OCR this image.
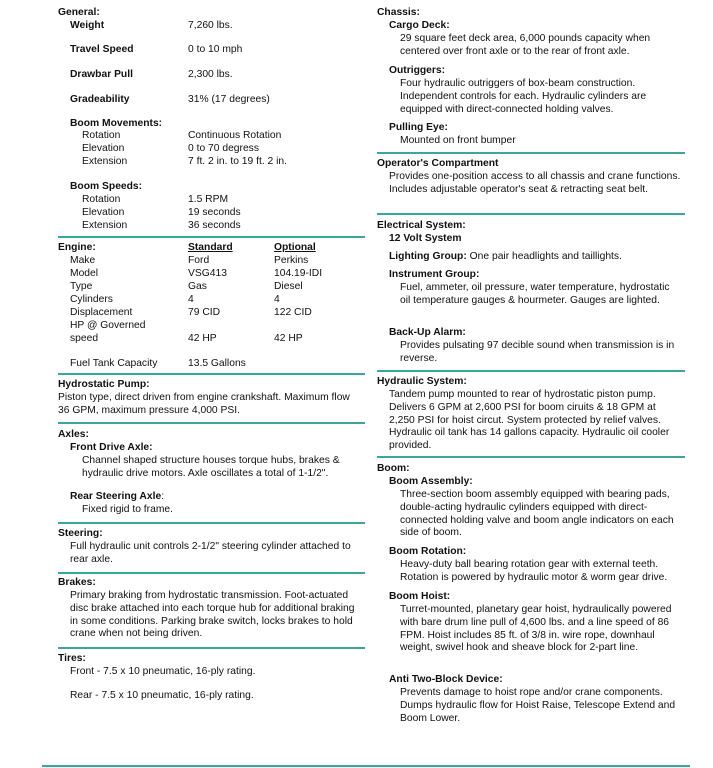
General:
Weight	7,260 lbs.
Travel Speed	0 to 10 mph
Drawbar Pull	2,300 lbs.
Gradeability	31% (17 degrees)
Boom Movements:
Rotation	Continuous Rotation
Elevation	0 to 70 degress
Extension	7 ft. 2 in. to 19 ft. 2 in.
Boom Speeds:
Rotation	1.5 RPM
Elevation	19 seconds
Extension	36 seconds
Engine:	Standard	Optional
Make	Ford	Perkins
Model	VSG413	104.19-IDI
Type	Gas	Diesel
Cylinders	4	4
Displacement	79 CID	122 CID
HP @ Governed
speed	42 HP	42 HP
Fuel Tank Capacity	13.5 Gallons
Hydrostatic Pump:
Piston type, direct driven from engine crankshaft. Maximum flow 36 GPM, maximum pressure 4,000 PSI.
Axles:
Front Drive Axle:
Channel shaped structure houses torque hubs, brakes & hydraulic drive motors. Axle oscillates a total of 1-1/2".
Rear Steering Axle:
Fixed rigid to frame.
Steering:
Full hydraulic unit controls 2-1/2" steering cylinder attached to rear axle.
Brakes:
Primary braking from hydrostatic transmission. Foot-actuated disc brake attached into each torque hub for additional braking in some conditions. Parking brake switch, locks brakes to hold crane when not being driven.
Tires:
Front - 7.5 x 10 pneumatic, 16-ply rating.
Rear - 7.5 x 10 pneumatic, 16-ply rating.
Chassis:
Cargo Deck:
29 square feet deck area, 6,000 pounds capacity when centered over front axle or to the rear of front axle.
Outriggers:
Four hydraulic outriggers of box-beam construction. Independent controls for each. Hydraulic cylinders are equipped with direct-connected holding valves.
Pulling Eye:
Mounted on front bumper
Operator's Compartment
Provides one-position access to all chassis and crane functions. Includes adjustable operator's seat & retracting seat belt.
Electrical System:
12 Volt System
Lighting Group: One pair headlights and taillights.
Instrument Group:
Fuel, ammeter, oil pressure, water temperature, hydrostatic oil temperature gauges & hourmeter. Gauges are lighted.
Back-Up Alarm:
Provides pulsating 97 decible sound when transmission is in reverse.
Hydraulic System:
Tandem pump mounted to rear of hydrostatic piston pump. Delivers 6 GPM at 2,600 PSI for boom ciruits & 18 GPM at 2,250 PSI for hoist circut. System protected by relief valves. Hydraulic oil tank has 14 gallons capacity. Hydraulic oil cooler provided.
Boom:
Boom Assembly:
Three-section boom assembly equipped with bearing pads, double-acting hydraulic cylinders equipped with direct-connected holding valve and boom angle indicators on each side of boom.
Boom Rotation:
Heavy-duty ball bearing rotation gear with external teeth. Rotation is powered by hydraulic motor & worm gear drive.
Boom Hoist:
Turret-mounted, planetary gear hoist, hydraulically powered with bare drum line pull of 4,600 lbs. and a line speed of 86 FPM. Hoist includes 85 ft. of 3/8 in. wire rope, downhaul weight, swivel hook and sheave block for 2-part line.
Anti Two-Block Device:
Prevents damage to hoist rope and/or crane components. Dumps hydraulic flow for Hoist Raise, Telescope Extend and Boom Lower.
